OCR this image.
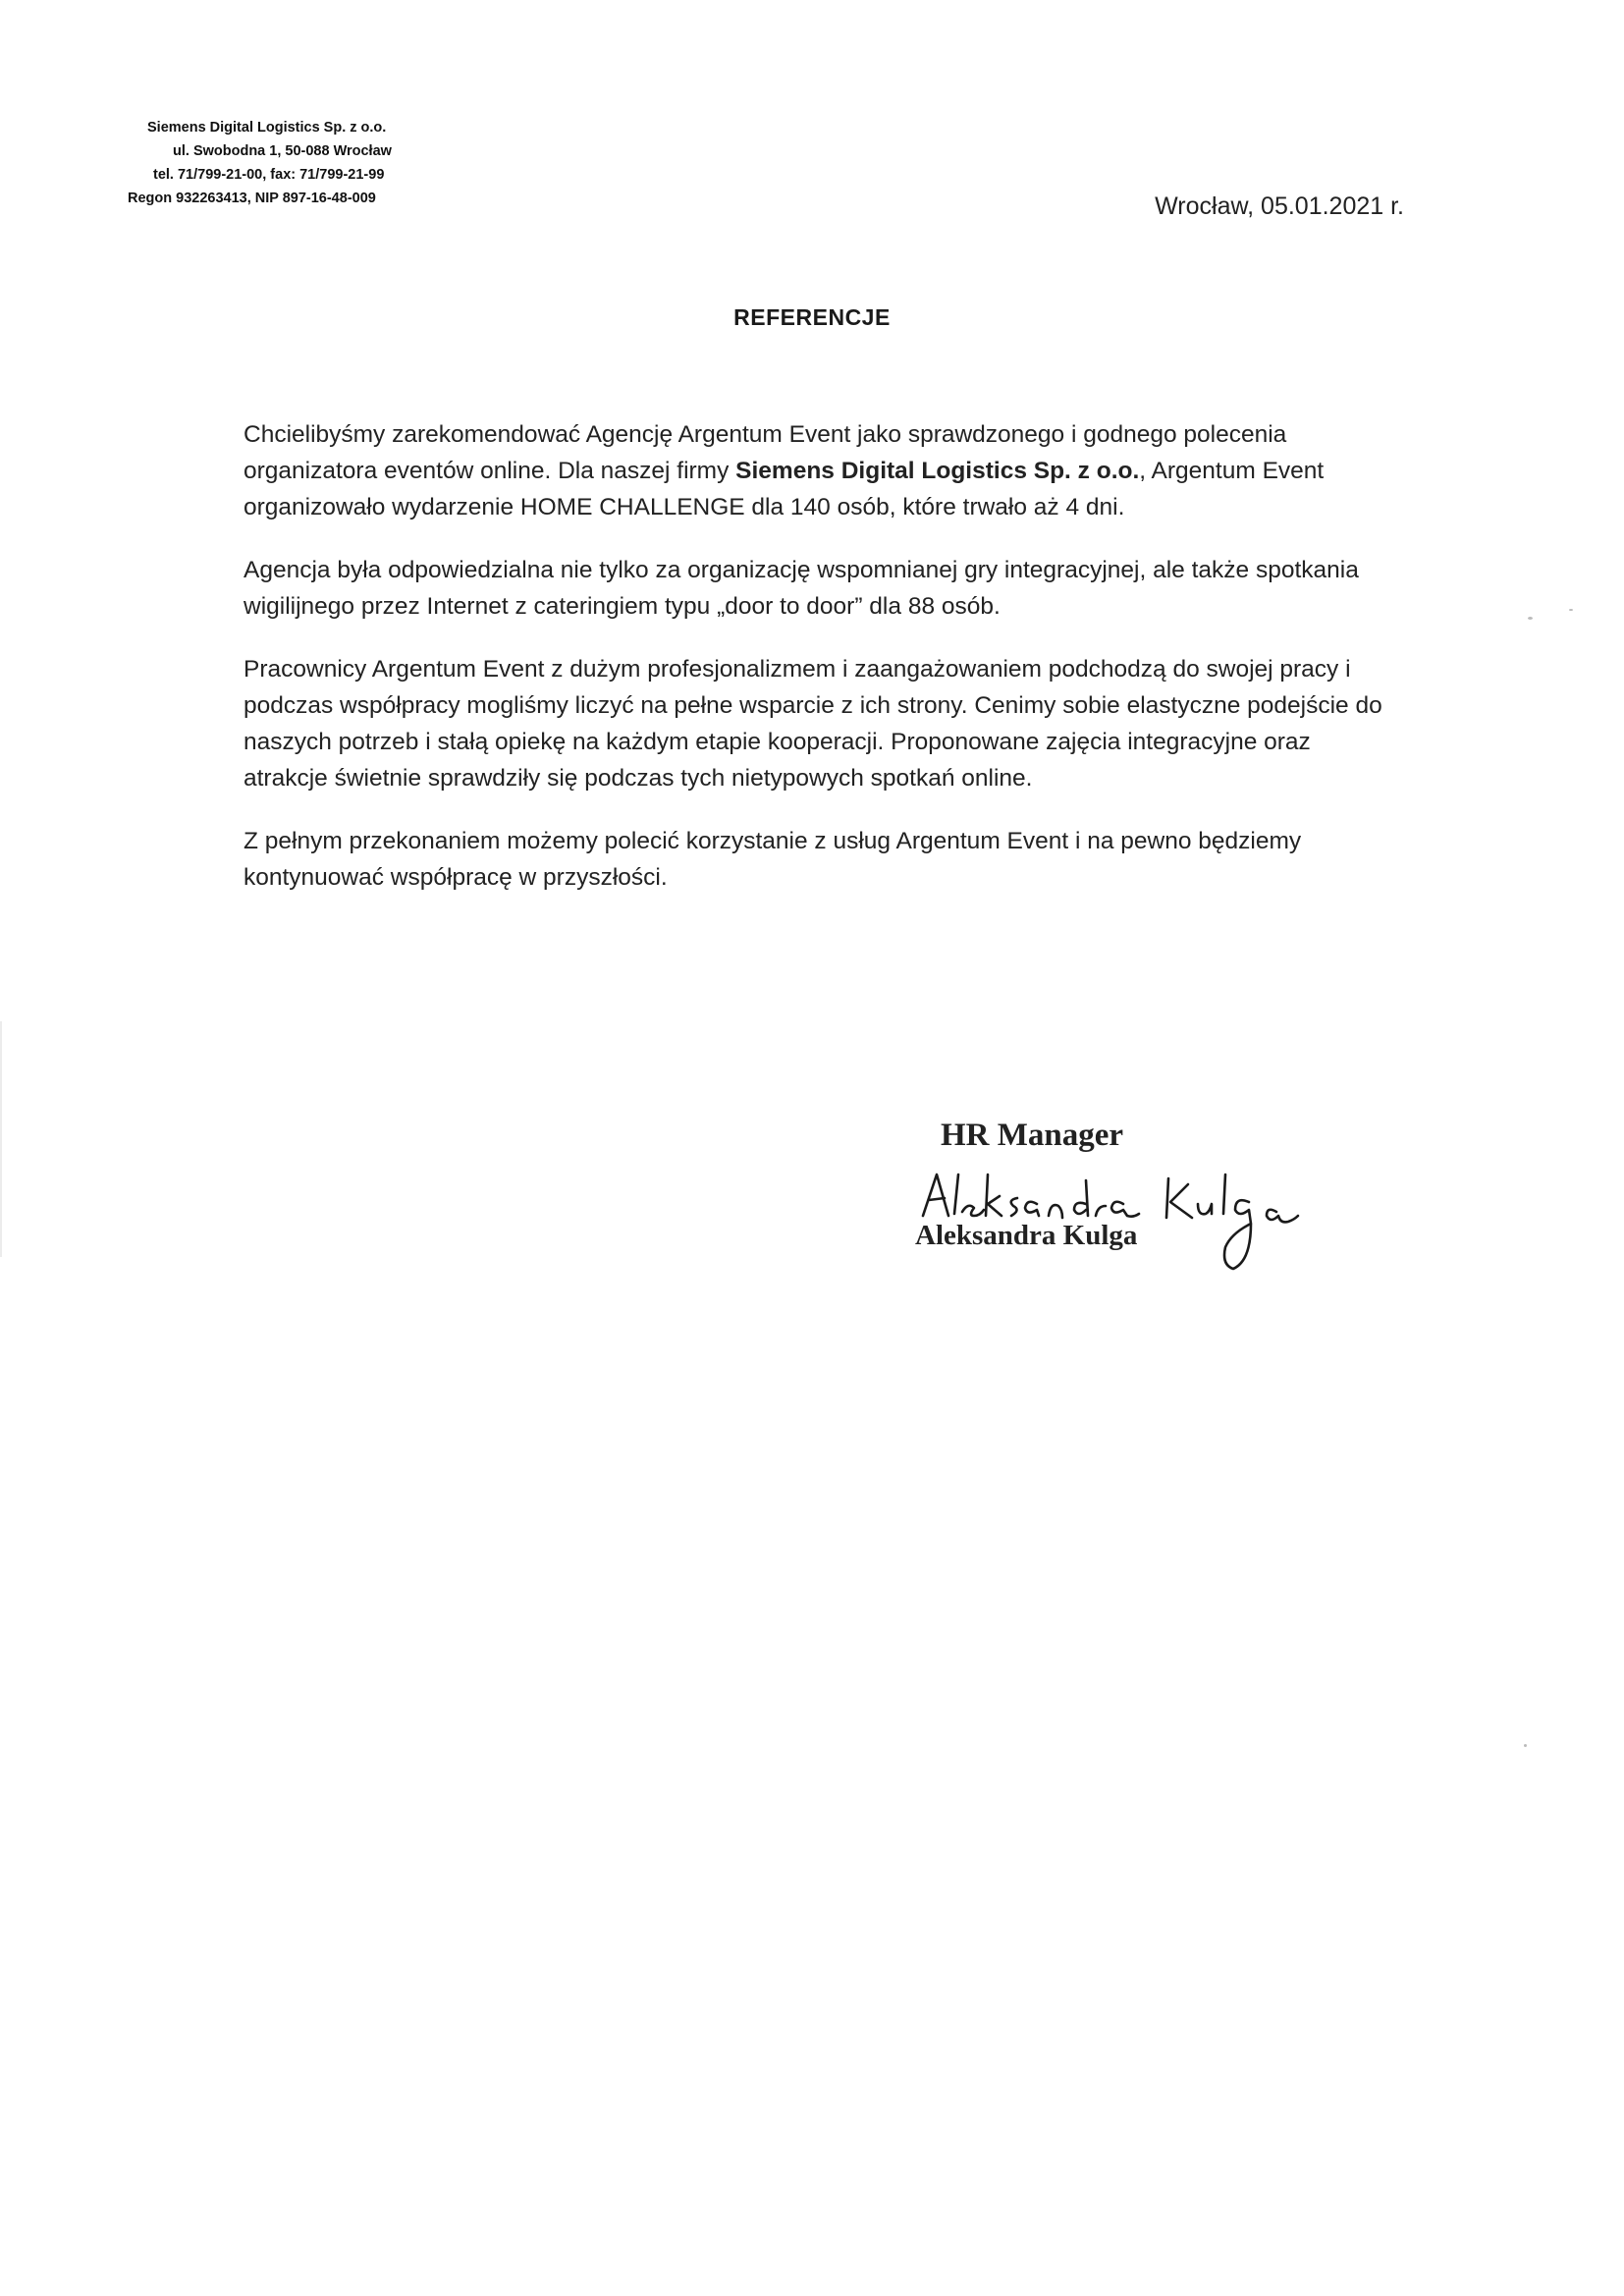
Siemens Digital Logistics Sp. z o.o.
ul. Swobodna 1, 50-088 Wrocław
tel. 71/799-21-00, fax: 71/799-21-99
Regon 932263413, NIP 897-16-48-009	Wrocław, 05.01.2021 r.
REFERENCJE

Chcielibyśmy zarekomendować Agencję Argentum Event jako sprawdzonego i godnego polecenia organizatora eventów online. Dla naszej firmy Siemens Digital Logistics Sp. z o.o., Argentum Event organizowało wydarzenie HOME CHALLENGE dla 140 osób, które trwało aż 4 dni.

Agencja była odpowiedzialna nie tylko za organizację wspomnianej gry integracyjnej, ale także spotkania wigilijnego przez Internet z cateringiem typu „door to door” dla 88 osób.

Pracownicy Argentum Event z dużym profesjonalizmem i zaangażowaniem podchodzą do swojej pracy i podczas współpracy mogliśmy liczyć na pełne wsparcie z ich strony. Cenimy sobie elastyczne podejście do naszych potrzeb i stałą opiekę na każdym etapie kooperacji. Proponowane zajęcia integracyjne oraz atrakcje świetnie sprawdziły się podczas tych nietypowych spotkań online.

Z pełnym przekonaniem możemy polecić korzystanie z usług Argentum Event i na pewno będziemy kontynuować współpracę w przyszłości.

HR Manager
Aleksandra Kulga
